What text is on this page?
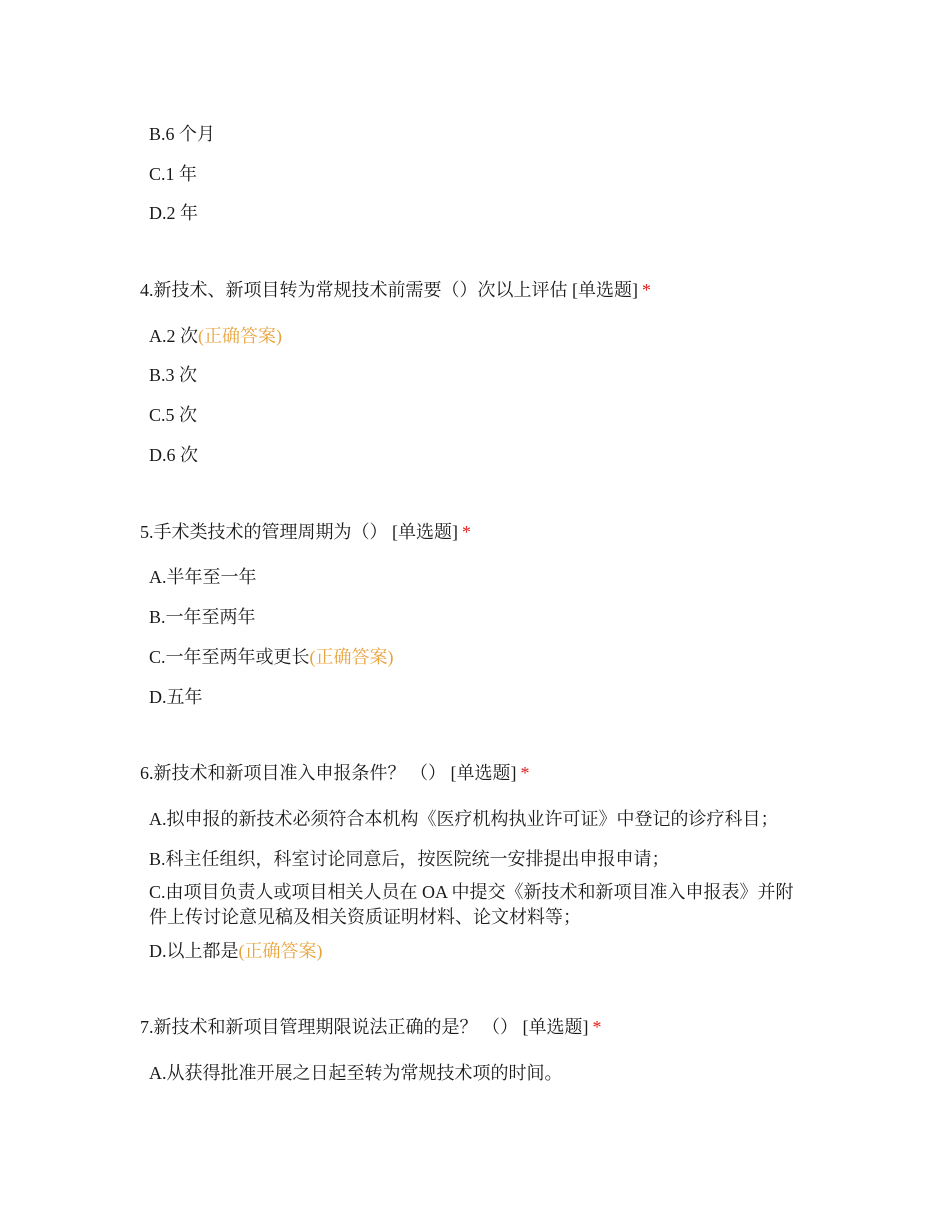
B.6 个月
C.1 年
D.2 年
4.新技术、新项目转为常规技术前需要（）次以上评估 [单选题] *
A.2 次(正确答案)
B.3 次
C.5 次
D.6 次
5.手术类技术的管理周期为（） [单选题] *
A.半年至一年
B.一年至两年
C.一年至两年或更长(正确答案)
D.五年
6.新技术和新项目准入申报条件？ （） [单选题] *
A.拟申报的新技术必须符合本机构《医疗机构执业许可证》中登记的诊疗科目；
B.科主任组织，科室讨论同意后，按医院统一安排提出申报申请；
C.由项目负责人或项目相关人员在 OA 中提交《新技术和新项目准入申报表》并附件上传讨论意见稿及相关资质证明材料、论文材料等；
D.以上都是(正确答案)
7.新技术和新项目管理期限说法正确的是？ （） [单选题] *
A.从获得批准开展之日起至转为常规技术项的时间。
